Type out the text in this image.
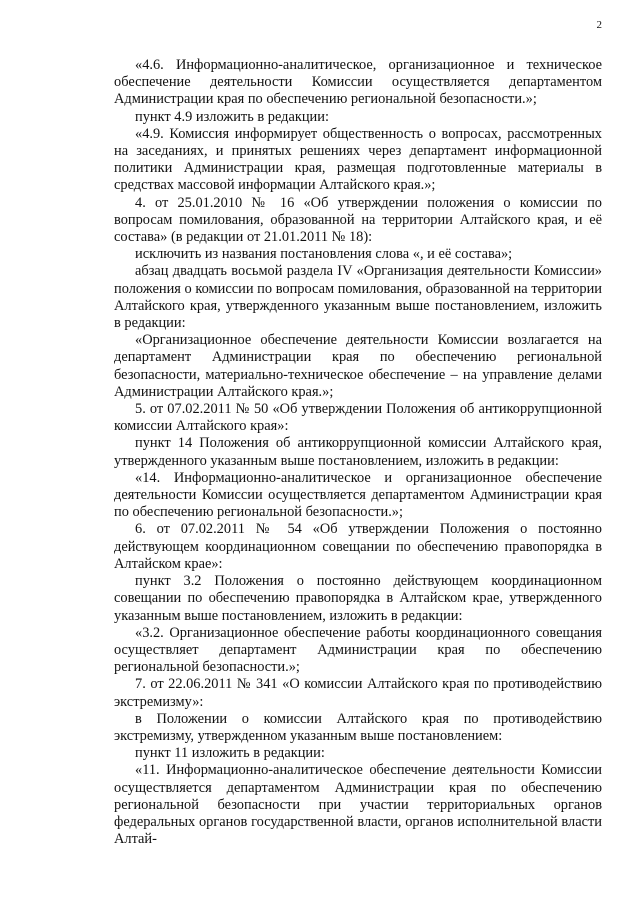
2

«4.6. Информационно-аналитическое, организационное и техническое обеспечение деятельности Комиссии осуществляется департаментом Администрации края по обеспечению региональной безопасности.»;

пункт 4.9 изложить в редакции:

«4.9. Комиссия информирует общественность о вопросах, рассмотренных на заседаниях, и принятых решениях через департамент информационной политики Администрации края, размещая подготовленные материалы в средствах массовой информации Алтайского края.»;

4. от 25.01.2010 № 16 «Об утверждении положения о комиссии по вопросам помилования, образованной на территории Алтайского края, и её состава» (в редакции от 21.01.2011 № 18):

исключить из названия постановления слова «, и её состава»;

абзац двадцать восьмой раздела IV «Организация деятельности Комиссии» положения о комиссии по вопросам помилования, образованной на территории Алтайского края, утвержденного указанным выше постановлением, изложить в редакции:

«Организационное обеспечение деятельности Комиссии возлагается на департамент Администрации края по обеспечению региональной безопасности, материально-техническое обеспечение – на управление делами Администрации Алтайского края.»;

5. от 07.02.2011 № 50 «Об утверждении Положения об антикоррупционной комиссии Алтайского края»:

пункт 14 Положения об антикоррупционной комиссии Алтайского края, утвержденного указанным выше постановлением, изложить в редакции:

«14. Информационно-аналитическое и организационное обеспечение деятельности Комиссии осуществляется департаментом Администрации края по обеспечению региональной безопасности.»;

6. от 07.02.2011 № 54 «Об утверждении Положения о постоянно действующем координационном совещании по обеспечению правопорядка в Алтайском крае»:

пункт 3.2 Положения о постоянно действующем координационном совещании по обеспечению правопорядка в Алтайском крае, утвержденного указанным выше постановлением, изложить в редакции:

«3.2. Организационное обеспечение работы координационного совещания осуществляет департамент Администрации края по обеспечению региональной безопасности.»;

7. от 22.06.2011 № 341 «О комиссии Алтайского края по противодействию экстремизму»:

в Положении о комиссии Алтайского края по противодействию экстремизму, утвержденном указанным выше постановлением:

пункт 11 изложить в редакции:

«11. Информационно-аналитическое обеспечение деятельности Комиссии осуществляется департаментом Администрации края по обеспечению региональной безопасности при участии территориальных органов федеральных органов государственной власти, органов исполнительной власти Алтай-
